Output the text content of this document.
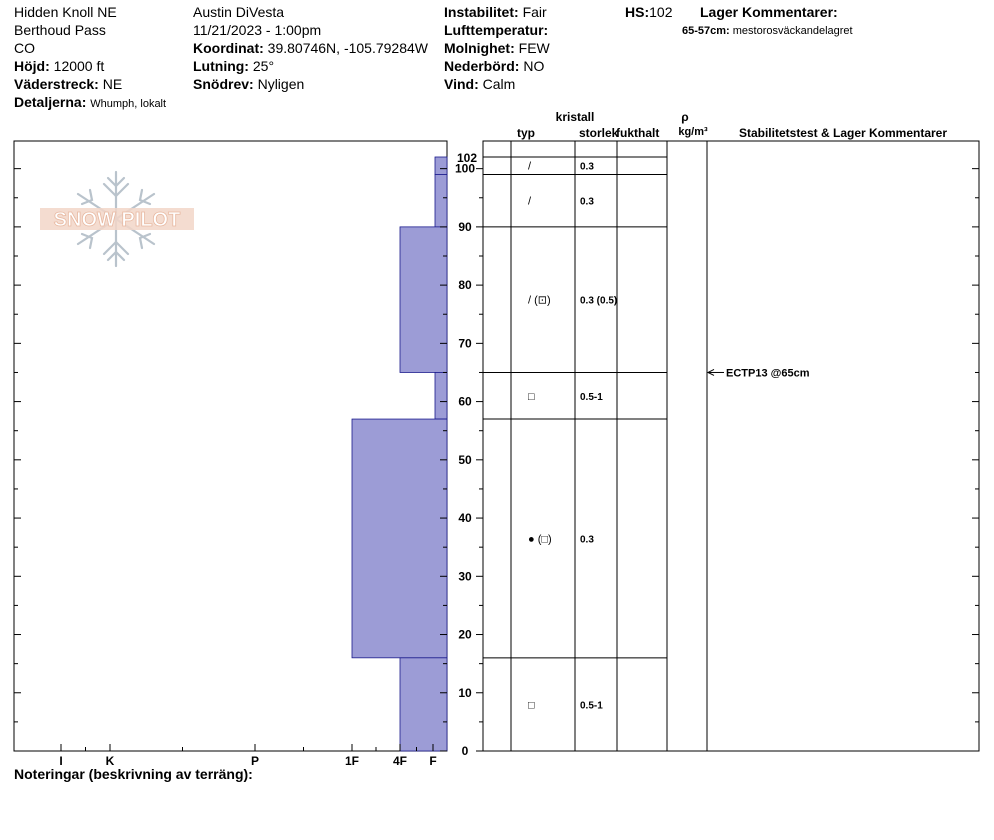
Hidden Knoll NE
Berthoud Pass
CO
Höjd: 12000 ft
Väderstreck: NE
Detaljerna: Whumph, lokalt
Austin DiVesta
11/21/2023 - 1:00pm
Koordinat: 39.80746N, -105.79284W
Lutning: 25°
Snödrev: Nyligen
Instabilitet: Fair
Lufttemperatur:
Molnighet: FEW
Nederbörd: NO
Vind: Calm
HS:102 Lager Kommentarer:
65-57cm: mestorosväckandelagret
SNOW PILOT
I	K	P	1F	4F F
0
10
20
30
40
50
60
70
80
90
100
102
/	0.3
/	0.3
/ (⊡)	0.3 (0.5)
□	0.5-1
● (□)	0.3
□	0.5-1
ECTP13 @65cm
kristall
typ	storlek
fukthalt
ρ
kg/m³	Stabilitetstest & Lager Kommentarer
Noteringar (beskrivning av terräng):
